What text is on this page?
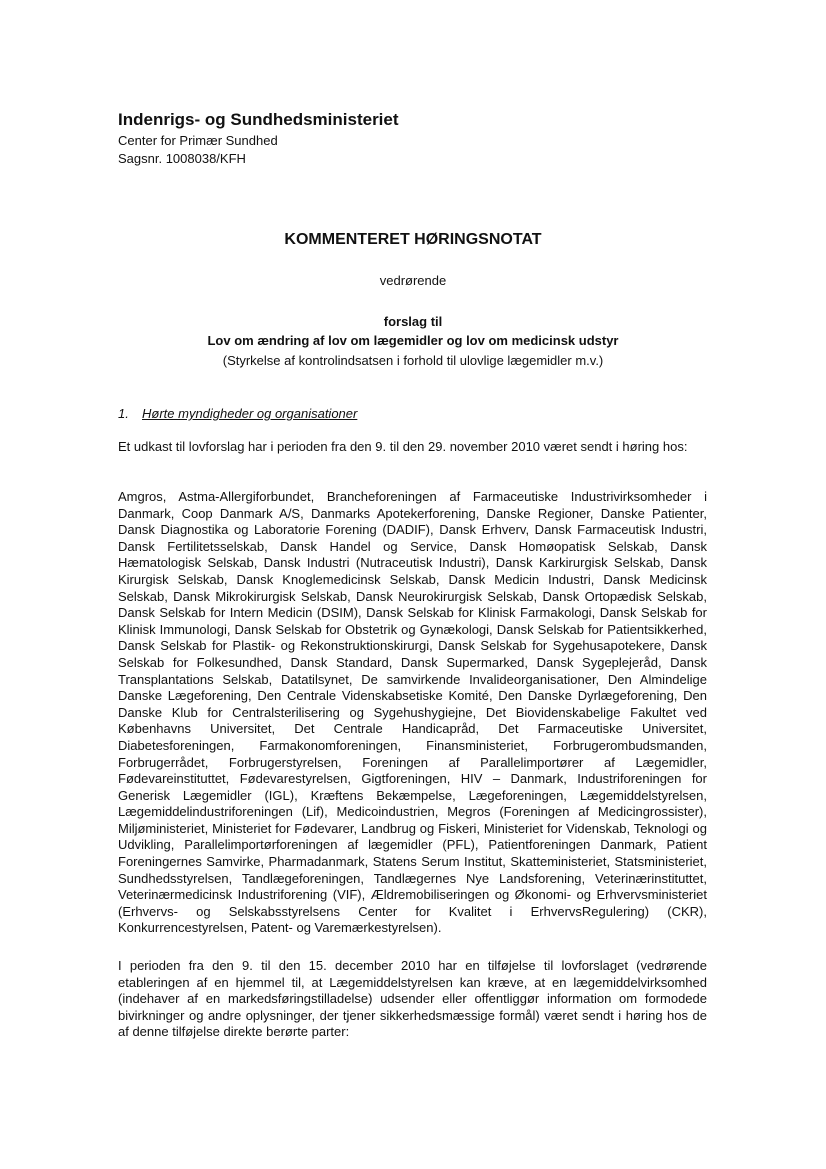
Indenrigs- og Sundhedsministeriet
Center for Primær Sundhed
Sagsnr. 1008038/KFH
KOMMENTERET HØRINGSNOTAT
vedrørende
forslag til
Lov om ændring af lov om lægemidler og lov om medicinsk udstyr
(Styrkelse af kontrolindsatsen i forhold til ulovlige lægemidler m.v.)
1. Hørte myndigheder og organisationer

Et udkast til lovforslag har i perioden fra den 9. til den 29. november 2010 været sendt i høring hos:

Amgros, Astma-Allergiforbundet, Brancheforeningen af Farmaceutiske Industrivirksomheder i Danmark, Coop Danmark A/S, Danmarks Apotekerforening, Danske Regioner, Danske Patienter, Dansk Diagnostika og Laboratorie Forening (DADIF), Dansk Erhverv, Dansk Farmaceutisk Industri, Dansk Fertilitetsselskab, Dansk Handel og Service, Dansk Homøopatisk Selskab, Dansk Hæmatologisk Selskab, Dansk Industri (Nutraceutisk Industri), Dansk Karkirurgisk Selskab, Dansk Kirurgisk Selskab, Dansk Knoglemedicinsk Selskab, Dansk Medicin Industri, Dansk Medicinsk Selskab, Dansk Mikrokirurgisk Selskab, Dansk Neurokirurgisk Selskab, Dansk Ortopædisk Selskab, Dansk Selskab for Intern Medicin (DSIM), Dansk Selskab for Klinisk Farmakologi, Dansk Selskab for Klinisk Immunologi, Dansk Selskab for Obstetrik og Gynækologi, Dansk Selskab for Patientsikkerhed, Dansk Selskab for Plastik- og Rekonstruktionskirurgi, Dansk Selskab for Sygehusapotekere, Dansk Selskab for Folkesundhed, Dansk Standard, Dansk Supermarked, Dansk Sygeplejeråd, Dansk Transplantations Selskab, Datatilsynet, De samvirkende Invalideorganisationer, Den Almindelige Danske Lægeforening, Den Centrale Videnskabsetiske Komité, Den Danske Dyrlægeforening, Den Danske Klub for Centralsterilisering og Sygehushygiejne, Det Biovidenskabelige Fakultet ved Københavns Universitet, Det Centrale Handicapråd, Det Farmaceutiske Universitet, Diabetesforeningen, Farmakonomforeningen, Finansministeriet, Forbrugerombudsmanden, Forbrugerrådet, Forbrugerstyrelsen, Foreningen af Parallelimportører af Lægemidler, Fødevareinstituttet, Fødevarestyrelsen, Gigtforeningen, HIV – Danmark, Industriforeningen for Generisk Lægemidler (IGL), Kræftens Bekæmpelse, Lægeforeningen, Lægemiddelstyrelsen, Lægemiddelindustriforeningen (Lif), Medicoindustrien, Megros (Foreningen af Medicingrossister), Miljøministeriet, Ministeriet for Fødevarer, Landbrug og Fiskeri, Ministeriet for Videnskab, Teknologi og Udvikling, Parallelimportørforeningen af lægemidler (PFL), Patientforeningen Danmark, Patient Foreningernes Samvirke, Pharmadanmark, Statens Serum Institut, Skatteministeriet, Statsministeriet, Sundhedsstyrelsen, Tandlægeforeningen, Tandlægernes Nye Landsforening, Veterinærinstituttet, Veterinærmedicinsk Industriforening (VIF), Ældremobiliseringen og Økonomi- og Erhvervsministeriet (Erhvervs- og Selskabsstyrelsens Center for Kvalitet i ErhvervsRegulering) (CKR), Konkurrencestyrelsen, Patent- og Varemærkestyrelsen).

I perioden fra den 9. til den 15. december 2010 har en tilføjelse til lovforslaget (vedrørende etableringen af en hjemmel til, at Lægemiddelstyrelsen kan kræve, at en lægemiddelvirksomhed (indehaver af en markedsføringstilladelse) udsender eller offentliggør information om formodede bivirkninger og andre oplysninger, der tjener sikkerhedsmæssige formål) været sendt i høring hos de af denne tilføjelse direkte berørte parter:
